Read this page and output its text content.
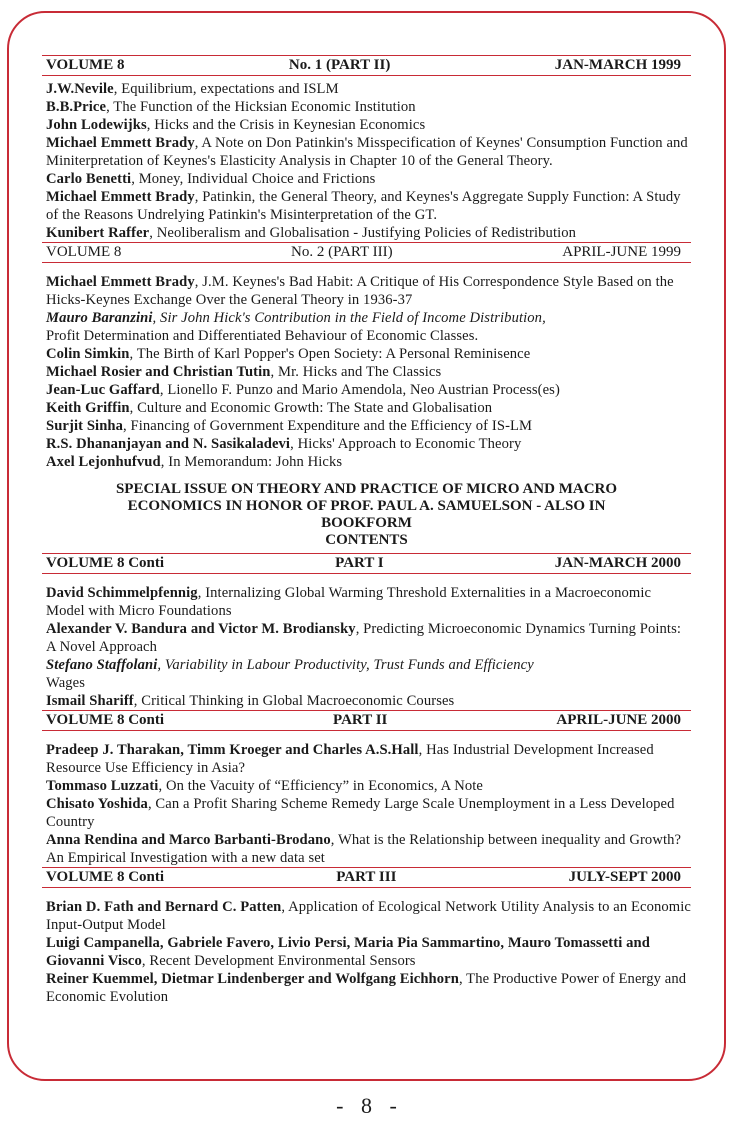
VOLUME 8	No. 1 (PART II)	JAN-MARCH 1999
J.W.Nevile, Equilibrium, expectations and ISLM
B.B.Price, The Function of the Hicksian Economic Institution
John Lodewijks, Hicks and the Crisis in Keynesian Economics
Michael Emmett Brady, A Note on Don Patinkin's Misspecification of Keynes' Consumption Function and Miniterpretation of Keynes's Elasticity Analysis in Chapter 10 of the General Theory.
Carlo Benetti, Money, Individual Choice and Frictions
Michael Emmett Brady, Patinkin, the General Theory, and Keynes's Aggregate Supply Function: A Study of the Reasons Undrelying Patinkin's Misinterpretation of the GT.
Kunibert Raffer, Neoliberalism and Globalisation - Justifying Policies of Redistribution
VOLUME 8	No. 2 (PART III)	APRIL-JUNE 1999
Michael Emmett Brady, J.M. Keynes's Bad Habit: A Critique of His Correspondence Style Based on the Hicks-Keynes Exchange Over the General Theory in 1936-37
Mauro Baranzini, Sir John Hick's Contribution in the Field of Income Distribution,
Profit Determination and Differentiated Behaviour of Economic Classes.
Colin Simkin, The Birth of Karl Popper's Open Society: A Personal Reminisence
Michael Rosier and Christian Tutin, Mr. Hicks and The Classics
Jean-Luc Gaffard, Lionello F. Punzo and Mario Amendola, Neo Austrian Process(es)
Keith Griffin, Culture and Economic Growth: The State and Globalisation
Surjit Sinha, Financing of Government Expenditure and the Efficiency of IS-LM
R.S. Dhananjayan and N. Sasikaladevi, Hicks' Approach to Economic Theory
Axel Lejonhufvud, In Memorandum: John Hicks
SPECIAL ISSUE ON THEORY AND PRACTICE OF MICRO AND MACRO
ECONOMICS IN HONOR OF PROF. PAUL A. SAMUELSON - ALSO IN
BOOKFORM
CONTENTS
VOLUME 8 Conti	PART I	JAN-MARCH 2000
David Schimmelpfennig, Internalizing Global Warming Threshold Externalities in a Macroeconomic Model with Micro Foundations
Alexander V. Bandura and Victor M. Brodiansky, Predicting Microeconomic Dynamics Turning Points: A Novel Approach
Stefano Staffolani, Variability in Labour Productivity, Trust Funds and Efficiency
Wages
Ismail Shariff, Critical Thinking in Global Macroeconomic Courses
VOLUME 8 Conti	PART II	APRIL-JUNE 2000
Pradeep J. Tharakan, Timm Kroeger and Charles A.S.Hall, Has Industrial Development Increased Resource Use Efficiency in Asia?
Tommaso Luzzati, On the Vacuity of “Efficiency” in Economics, A Note
Chisato Yoshida, Can a Profit Sharing Scheme Remedy Large Scale Unemployment in a Less Developed Country
Anna Rendina and Marco Barbanti-Brodano, What is the Relationship between inequality and Growth? An Empirical Investigation with a new data set
VOLUME 8 Conti	PART III	JULY-SEPT 2000
Brian D. Fath and Bernard C. Patten, Application of Ecological Network Utility Analysis to an Economic Input-Output Model
Luigi Campanella, Gabriele Favero, Livio Persi, Maria Pia Sammartino, Mauro Tomassetti and Giovanni Visco, Recent Development Environmental Sensors
Reiner Kuemmel, Dietmar Lindenberger and Wolfgang Eichhorn, The Productive Power of Energy and Economic Evolution
- 8 -
